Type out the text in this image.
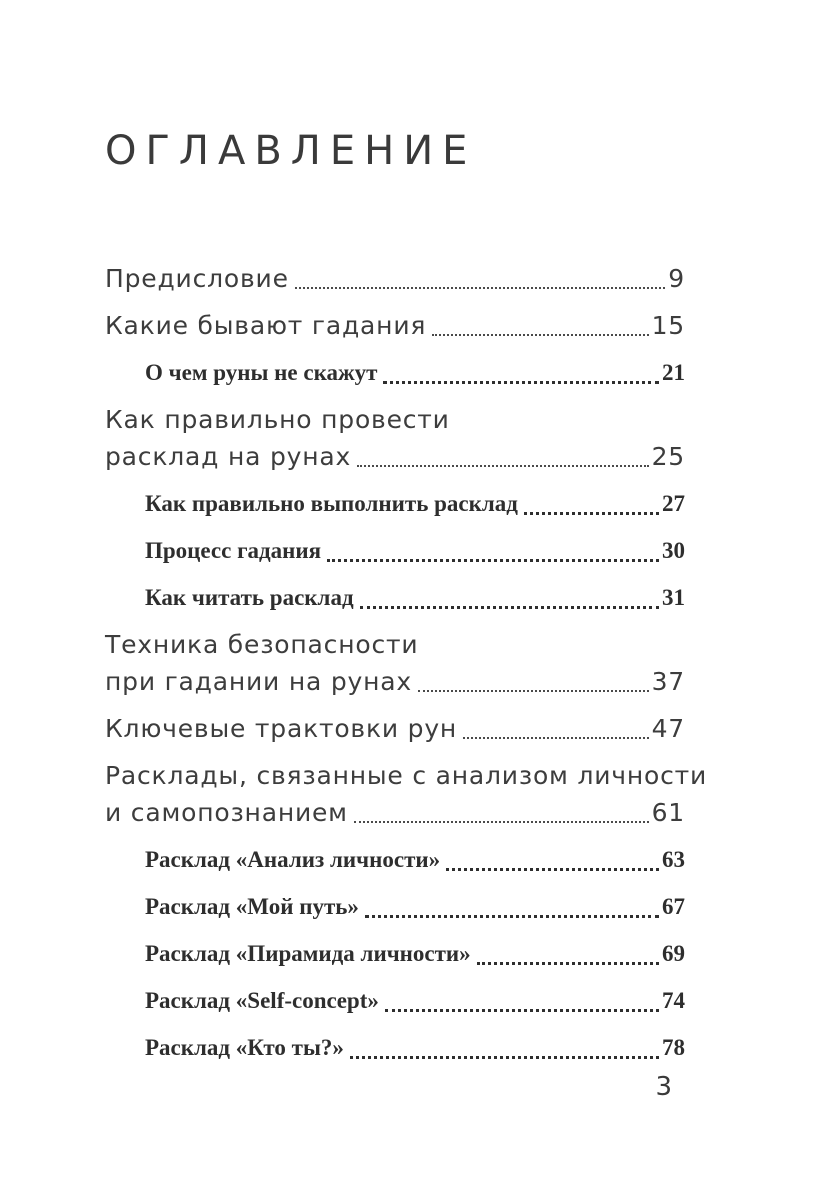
ОГЛАВЛЕНИЕ
Предисловие	9
Какие бывают гадания	15
О чем руны не скажут	21
Как правильно провести
расклад на рунах	25
Как правильно выполнить расклад	27
Процесс гадания	30
Как читать расклад	31
Техника безопасности
при гадании на рунах	37
Ключевые трактовки рун	47
Расклады, связанные с анализом личности
и самопознанием	61
Расклад «Анализ личности»	63
Расклад «Мой путь»	67
Расклад «Пирамида личности»	69
Расклад «Self-concept»	74
Расклад «Кто ты?»	78
3
